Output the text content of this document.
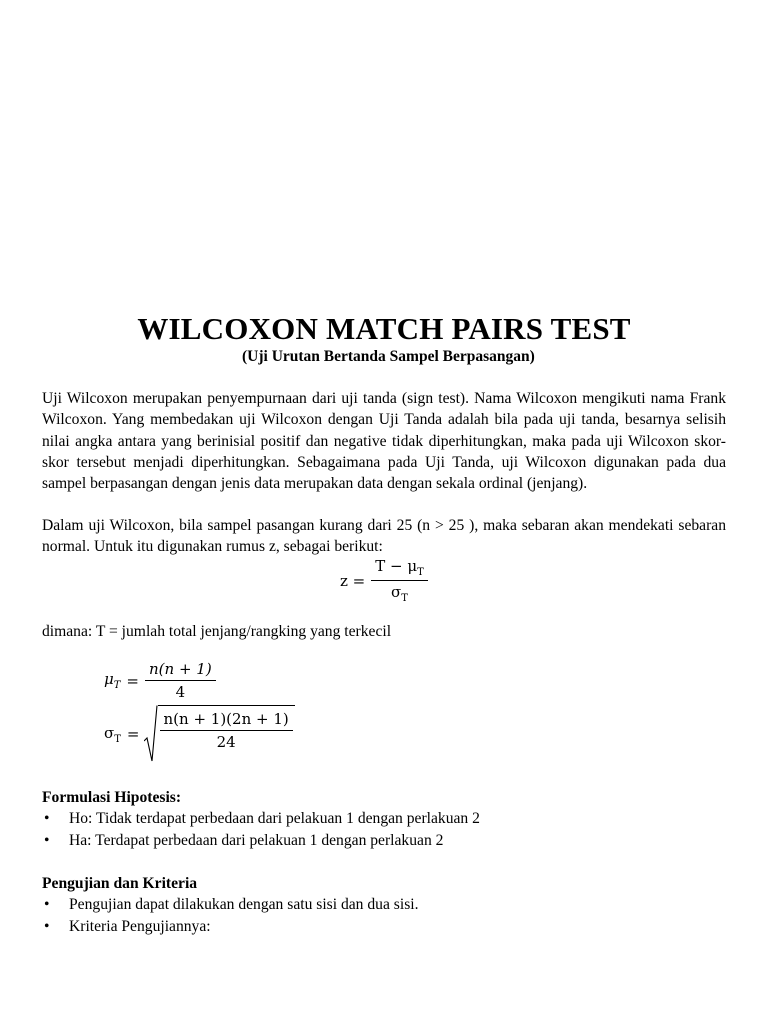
WILCOXON MATCH PAIRS TEST
(Uji Urutan Bertanda Sampel Berpasangan)
Uji Wilcoxon merupakan penyempurnaan dari uji tanda (sign test). Nama Wilcoxon mengikuti nama Frank Wilcoxon. Yang membedakan uji Wilcoxon dengan Uji Tanda adalah bila pada uji tanda, besarnya selisih nilai angka antara yang berinisial positif dan negative tidak diperhitungkan, maka pada uji Wilcoxon skor-skor tersebut menjadi diperhitungkan. Sebagaimana pada Uji Tanda, uji Wilcoxon digunakan pada dua sampel berpasangan dengan jenis data merupakan data dengan sekala ordinal (jenjang).
Dalam uji Wilcoxon, bila sampel pasangan kurang dari 25 (n > 25 ), maka sebaran akan mendekati sebaran normal. Untuk itu digunakan rumus z, sebagai berikut:
$z = \frac{T - \mu_T}{\sigma_T}$
dimana: T = jumlah total jenjang/rangking yang terkecil
$\mu_T = \frac{n(n + 1)}{4}$
$\sigma_T = \frac{n(n + 1)(2n + 1)}{24}$
Formulasi Hipotesis:
• Ho: Tidak terdapat perbedaan dari pelakuan 1 dengan perlakuan 2
• Ha: Terdapat perbedaan dari pelakuan 1 dengan perlakuan 2
Pengujian dan Kriteria
• Pengujian dapat dilakukan dengan satu sisi dan dua sisi.
• Kriteria Pengujiannya:
